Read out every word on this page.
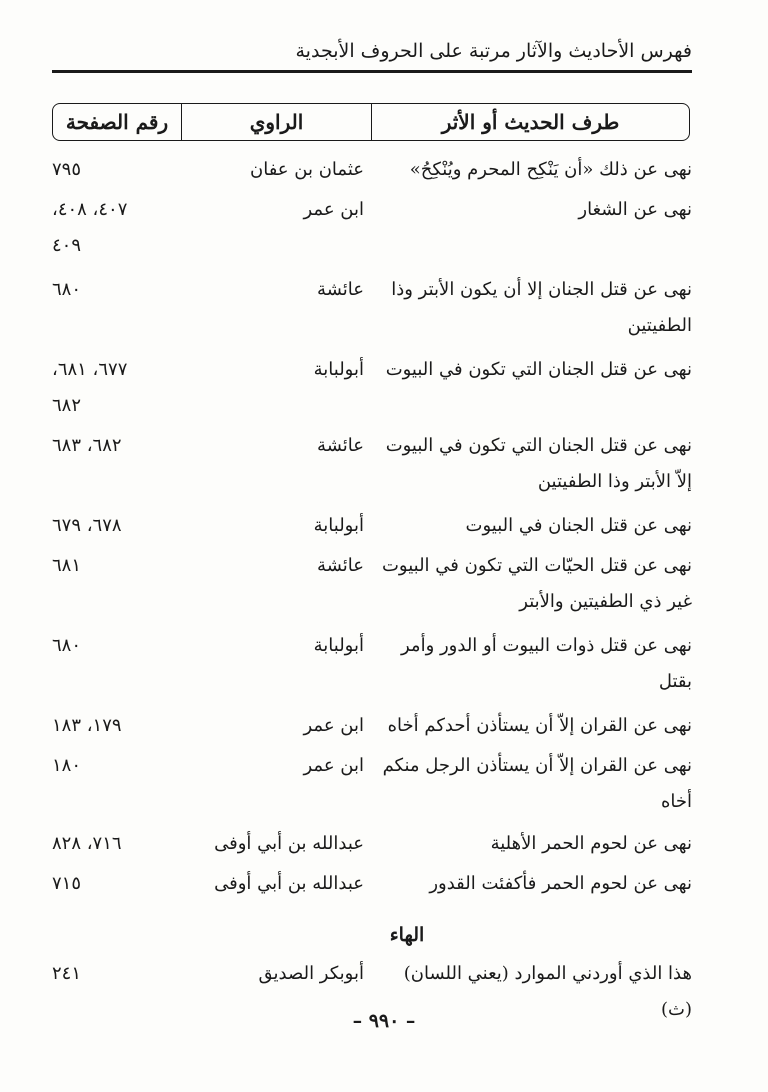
فهرس الأحاديث والآثار مرتبة على الحروف الأبجدية
طرف الحديث أو الأثر
الراوي
رقم الصفحة
نهى عن ذلك «أن يَنْكِح المحرم ويُنْكِحُ»
عثمان بن عفان
٧٩٥
نهى عن الشغار
ابن عمر
٤٠٧، ٤٠٨،
٤٠٩
نهى عن قتل الجنان إلا أن يكون الأبتر وذا الطفيتين
عائشة
٦٨٠
نهى عن قتل الجنان التي تكون في البيوت
أبولبابة
٦٧٧، ٦٨١،
٦٨٢
نهى عن قتل الجنان التي تكون في البيوت إلاّ الأبتر وذا الطفيتين
عائشة
٦٨٢، ٦٨٣
نهى عن قتل الجنان في البيوت
أبولبابة
٦٧٨، ٦٧٩
نهى عن قتل الحيّات التي تكون في البيوت غير ذي الطفيتين والأبتر
عائشة
٦٨١
نهى عن قتل ذوات البيوت أو الدور وأمر بقتل
أبولبابة
٦٨٠
نهى عن القران إلاّ أن يستأذن أحدكم أخاه
ابن عمر
١٧٩، ١٨٣
نهى عن القران إلاّ أن يستأذن الرجل منكم أخاه
ابن عمر
١٨٠
نهى عن لحوم الحمر الأهلية
عبدالله بن أبي أوفى
٧١٦، ٨٢٨
نهى عن لحوم الحمر فأكفئت القدور
عبدالله بن أبي أوفى
٧١٥
هذا الذي أوردني الموارد (يعني اللسان) (ث)
أبوبكر الصديق
٢٤١
الهاء
– ٩٩٠ –
